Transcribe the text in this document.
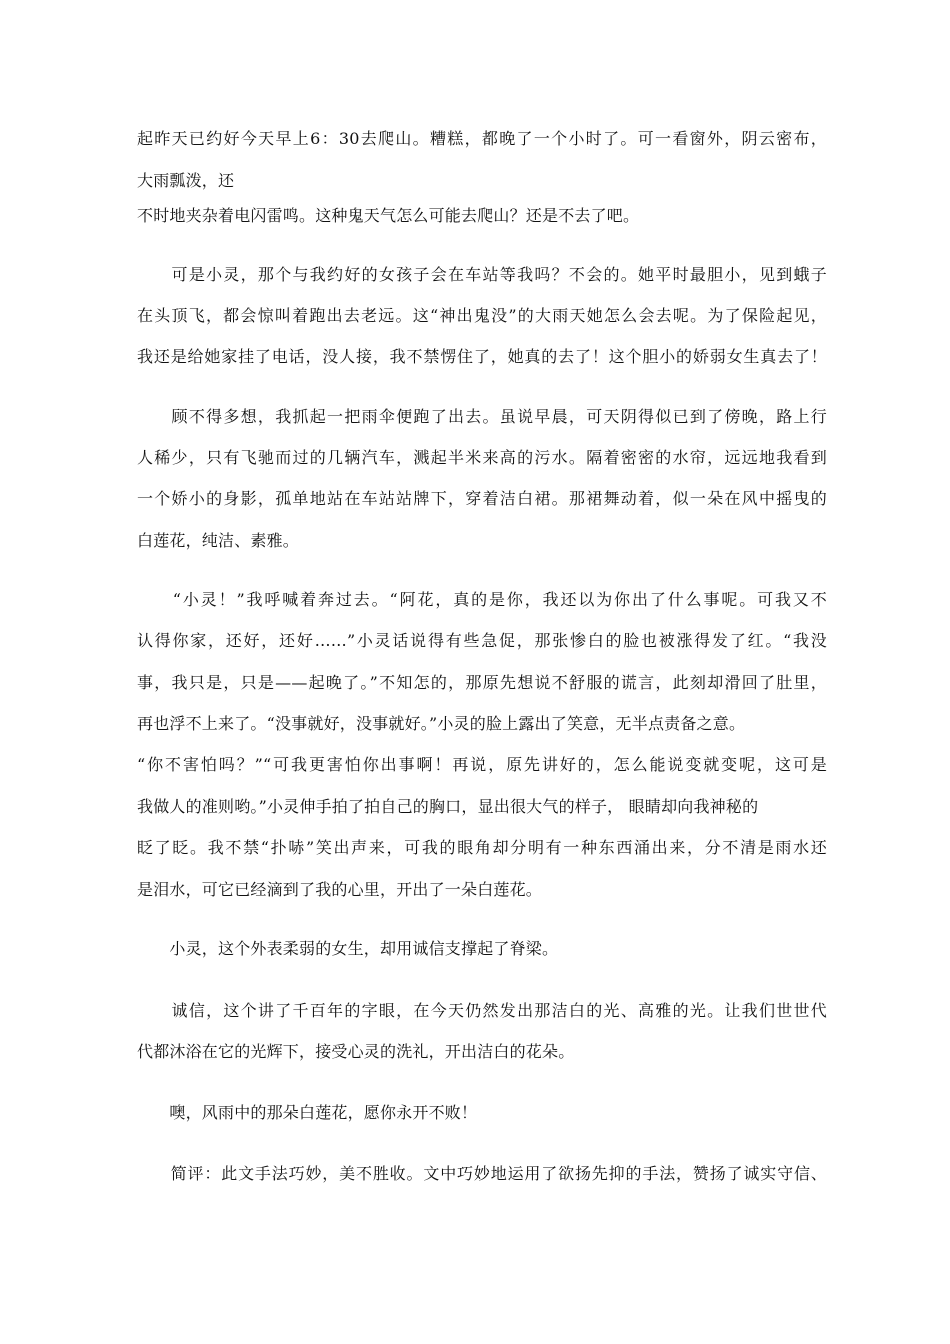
起昨天已约好今天早上6：30去爬山。糟糕，都晚了一个小时了。可一看窗外，阴云密布，
大雨瓢泼，还
不时地夹杂着电闪雷鸣。这种鬼天气怎么可能去爬山？还是不去了吧。
　　可是小灵，那个与我约好的女孩子会在车站等我吗？不会的。她平时最胆小，见到蛾子
在头顶飞，都会惊叫着跑出去老远。这“神出鬼没”的大雨天她怎么会去呢。为了保险起见，
我还是给她家挂了电话，没人接，我不禁愣住了，她真的去了！这个胆小的娇弱女生真去了！
　　顾不得多想，我抓起一把雨伞便跑了出去。虽说早晨，可天阴得似已到了傍晚，路上行
人稀少，只有飞驰而过的几辆汽车，溅起半米来高的污水。隔着密密的水帘，远远地我看到
一个娇小的身影，孤单地站在车站站牌下，穿着洁白裙。那裙舞动着，似一朵在风中摇曳的
白莲花，纯洁、素雅。
　　“小灵！”我呼喊着奔过去。“阿花，真的是你，我还以为你出了什么事呢。可我又不
认得你家，还好，还好……”小灵话说得有些急促，那张惨白的脸也被涨得发了红。“我没
事，我只是，只是——起晚了。”不知怎的，那原先想说不舒服的谎言，此刻却滑回了肚里，
再也浮不上来了。“没事就好，没事就好。”小灵的脸上露出了笑意，无半点责备之意。
“你不害怕吗？”“可我更害怕你出事啊！再说，原先讲好的，怎么能说变就变呢，这可是
我做人的准则哟。”小灵伸手拍了拍自己的胸口，显出很大气的样子， 眼睛却向我神秘的
眨了眨。我不禁“扑哧”笑出声来，可我的眼角却分明有一种东西涌出来，分不清是雨水还
是泪水，可它已经滴到了我的心里，开出了一朵白莲花。
　　小灵，这个外表柔弱的女生，却用诚信支撑起了脊梁。
　　诚信，这个讲了千百年的字眼，在今天仍然发出那洁白的光、高雅的光。让我们世世代
代都沐浴在它的光辉下，接受心灵的洗礼，开出洁白的花朵。
　　噢，风雨中的那朵白莲花，愿你永开不败！
　　简评：此文手法巧妙，美不胜收。文中巧妙地运用了欲扬先抑的手法，赞扬了诚实守信、
